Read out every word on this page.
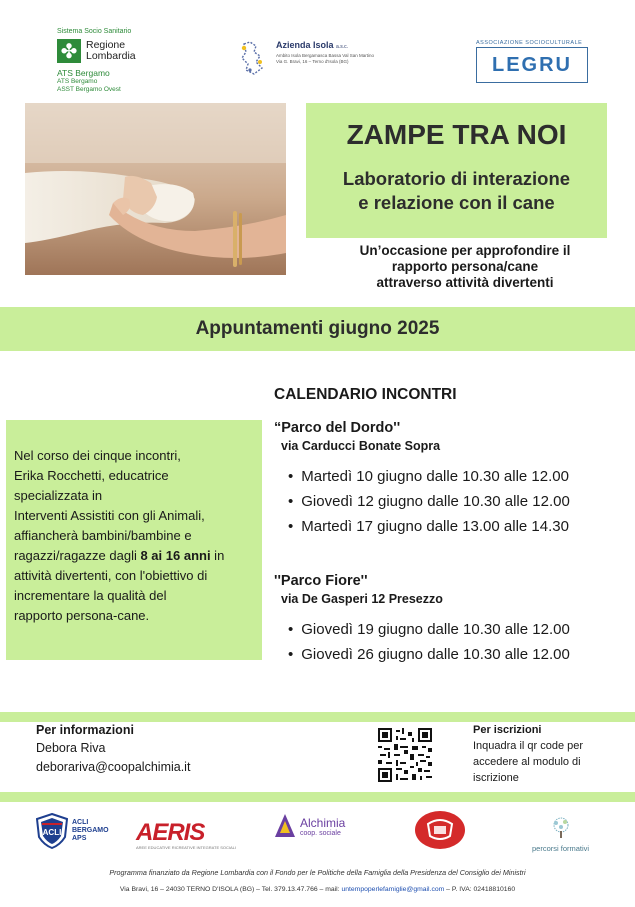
Sistema Socio Sanitario
✤ Regione
Lombardia
ATS Bergamo
ATS Bergamo
ASST Bergamo Ovest
Azienda Isola a.s.c.
Ambito Isola Bergamasca Bassa Val San Martino
Via G. Bravi, 16 – Terno d'Isola (BG)
ASSOCIAZIONE SOCIOCULTURALE
LEGRU
ZAMPE TRA NOI
Laboratorio di interazione
e relazione con il cane
Un’occasione per approfondire il
rapporto persona/cane
attraverso attività divertenti
Appuntamenti giugno 2025
CALENDARIO INCONTRI
“Parco del Dordo''
via Carducci Bonate Sopra
• Martedì 10 giugno dalle 10.30 alle 12.00
• Giovedì 12 giugno dalle 10.30 alle 12.00
• Martedì 17 giugno dalle 13.00 alle 14.30
''Parco Fiore''
via De Gasperi 12 Presezzo
• Giovedì 19 giugno dalle 10.30 alle 12.00
• Giovedì 26 giugno dalle 10.30 alle 12.00
Nel corso dei cinque incontri,
Erika Rocchetti, educatrice
specializzata in
Interventi Assistiti con gli Animali,
affiancherà bambini/bambine e
ragazzi/ragazze dagli 8 ai 16 anni in
attività divertenti, con l'obiettivo di
incrementare la qualità del
rapporto persona-cane.
Per informazioni
Debora Riva
deborariva@coopalchimia.it
Per iscrizioni
Inquadra il qr code per
accedere al modulo di
iscrizione
ACLI
ACLI
BERGAMO
APS	AERIS
AREE EDUCATIVE RICREATIVE INTEGRATE SOCIALI
Alchimia
coop. sociale
percorsi formativi
Programma finanziato da Regione Lombardia con il Fondo per le Politiche della Famiglia della Presidenza del Consiglio dei Ministri
Via Bravi, 16 – 24030 TERNO D'ISOLA (BG) – Tel. 379.13.47.766 – mail: untempoperlefamiglie@gmail.com – P. IVA: 02418810160
